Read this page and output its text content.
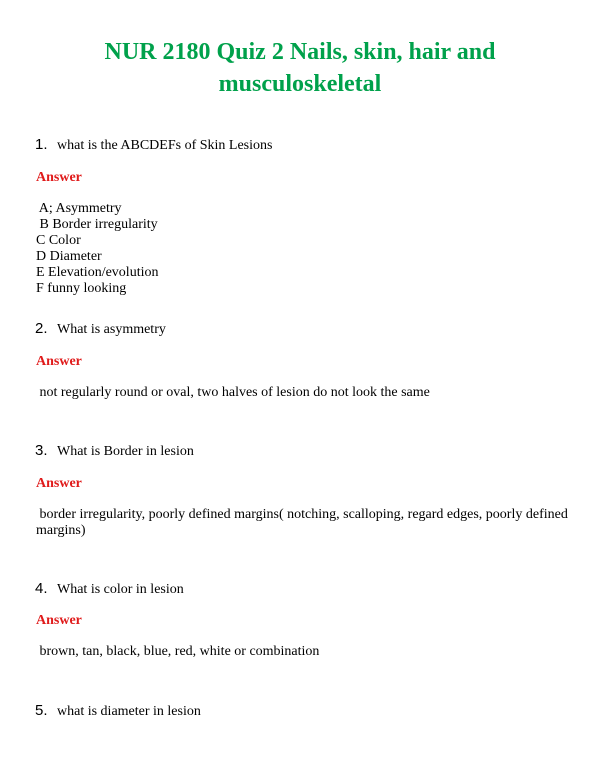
NUR 2180 Quiz 2 Nails, skin, hair and
musculoskeletal
1. what is the ABCDEFs of Skin Lesions
Answer
A; Asymmetry
B Border irregularity
C Color
D Diameter
E Elevation/evolution
F funny looking
2. What is asymmetry
Answer
not regularly round or oval, two halves of lesion do not look the same
3. What is Border in lesion
Answer
border irregularity, poorly defined margins( notching, scalloping, regard edges, poorly defined
margins)
4. What is color in lesion
Answer
brown, tan, black, blue, red, white or combination
5. what is diameter in lesion
